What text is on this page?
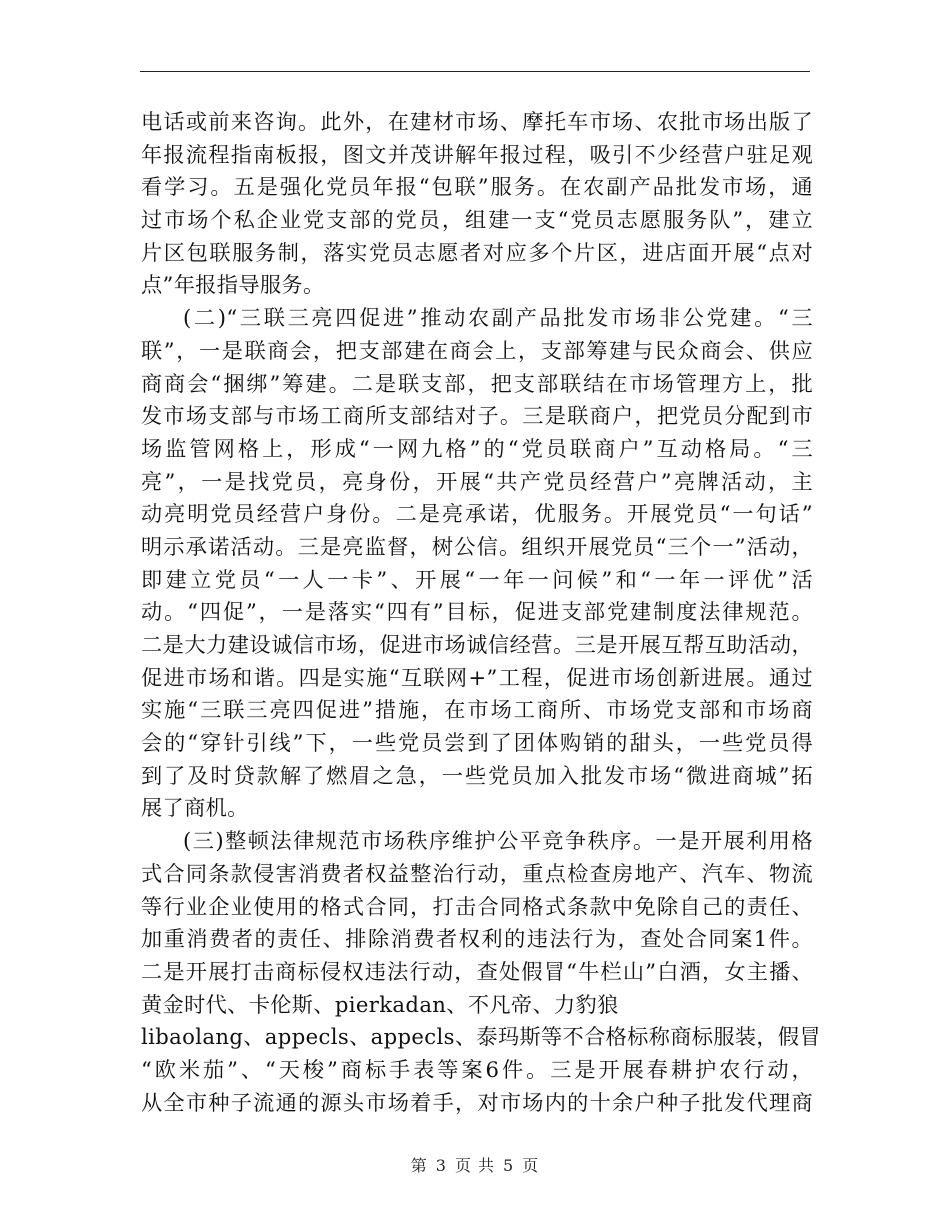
电话或前来咨询。此外，在建材市场、摩托车市场、农批市场出版了
年报流程指南板报，图文并茂讲解年报过程，吸引不少经营户驻足观
看学习。五是强化党员年报“包联”服务。在农副产品批发市场，通
过市场个私企业党支部的党员，组建一支“党员志愿服务队”，建立
片区包联服务制，落实党员志愿者对应多个片区，进店面开展“点对
点”年报指导服务。
(二)“三联三亮四促进”推动农副产品批发市场非公党建。“三
联”，一是联商会，把支部建在商会上，支部筹建与民众商会、供应
商商会“捆绑”筹建。二是联支部，把支部联结在市场管理方上，批
发市场支部与市场工商所支部结对子。三是联商户，把党员分配到市
场监管网格上，形成“一网九格”的“党员联商户”互动格局。“三
亮”，一是找党员，亮身份，开展“共产党员经营户”亮牌活动，主
动亮明党员经营户身份。二是亮承诺，优服务。开展党员“一句话”
明示承诺活动。三是亮监督，树公信。组织开展党员“三个一”活动，
即建立党员“一人一卡”、开展“一年一问候”和“一年一评优”活
动。“四促”，一是落实“四有”目标，促进支部党建制度法律规范。
二是大力建设诚信市场，促进市场诚信经营。三是开展互帮互助活动，
促进市场和谐。四是实施“互联网+”工程，促进市场创新进展。通过
实施“三联三亮四促进”措施，在市场工商所、市场党支部和市场商
会的“穿针引线”下，一些党员尝到了团体购销的甜头，一些党员得
到了及时贷款解了燃眉之急，一些党员加入批发市场“微进商城”拓
展了商机。
(三)整顿法律规范市场秩序维护公平竞争秩序。一是开展利用格
式合同条款侵害消费者权益整治行动，重点检查房地产、汽车、物流
等行业企业使用的格式合同，打击合同格式条款中免除自己的责任、
加重消费者的责任、排除消费者权利的违法行为，查处合同案1件。
二是开展打击商标侵权违法行动，查处假冒“牛栏山”白酒，女主播、
黄金时代、卡伦斯、pierkadan、不凡帝、力豹狼
libaolang、appecls、appecls、泰玛斯等不合格标称商标服装，假冒
“欧米茄”、“天梭”商标手表等案6件。三是开展春耕护农行动，
从全市种子流通的源头市场着手，对市场内的十余户种子批发代理商
第 3 页 共 5 页
